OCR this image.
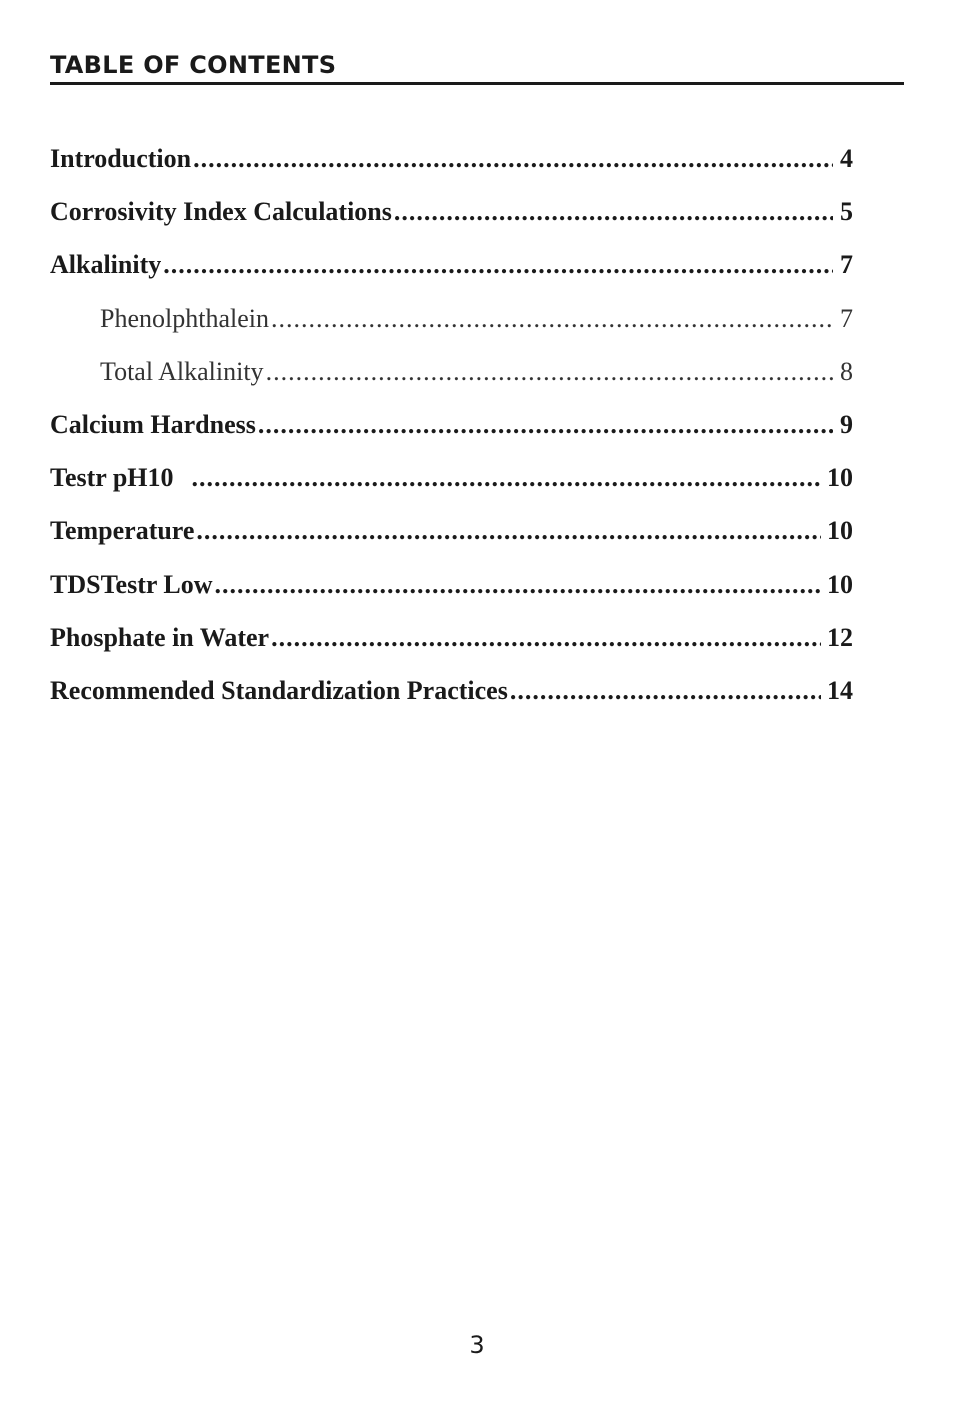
TABLE OF CONTENTS
Introduction .....	4
Corrosivity Index Calculations .....	5
Alkalinity .....	7
Phenolphthalein .....	7
Total Alkalinity .....	8
Calcium Hardness .....	9
Testr pH10 .....	10
Temperature .....	10
TDSTestr Low .....	10
Phosphate in Water .....	12
Recommended Standardization Practices .....	14
3
